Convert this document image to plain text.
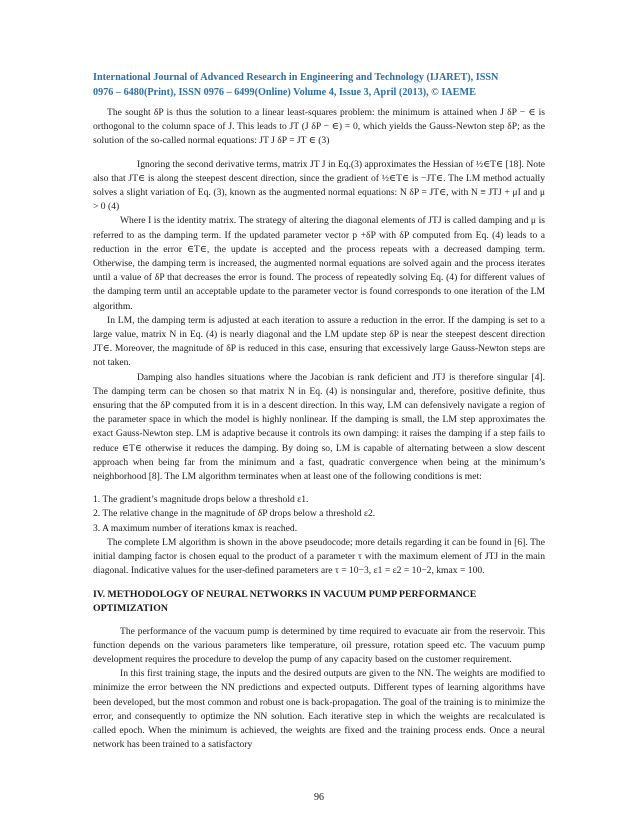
International Journal of Advanced Research in Engineering and Technology (IJARET), ISSN
0976 – 6480(Print), ISSN 0976 – 6499(Online) Volume 4, Issue 3, April (2013), © IAEME

The sought δP is thus the solution to a linear least-squares problem: the minimum is attained when J δP − ∈ is orthogonal to the column space of J. This leads to JT (J δP − ∈) = 0, which yields the Gauss-Newton step δP; as the solution of the so-called normal equations: JT J δP = JT ∈ (3)

Ignoring the second derivative terms, matrix JT J in Eq.(3) approximates the Hessian of ½∈T∈ [18]. Note also that JT∈ is along the steepest descent direction, since the gradient of ½∈T∈ is −JT∈. The LM method actually solves a slight variation of Eq. (3), known as the augmented normal equations: N δP = JT∈, with N ≡ JTJ + μI and μ > 0 (4)

Where I is the identity matrix. The strategy of altering the diagonal elements of JTJ is called damping and μ is referred to as the damping term. If the updated parameter vector p +δP with δP computed from Eq. (4) leads to a reduction in the error ∈T∈, the update is accepted and the process repeats with a decreased damping term. Otherwise, the damping term is increased, the augmented normal equations are solved again and the process iterates until a value of δP that decreases the error is found. The process of repeatedly solving Eq. (4) for different values of the damping term until an acceptable update to the parameter vector is found corresponds to one iteration of the LM algorithm.

In LM, the damping term is adjusted at each iteration to assure a reduction in the error. If the damping is set to a large value, matrix N in Eq. (4) is nearly diagonal and the LM update step δP is near the steepest descent direction JT∈. Moreover, the magnitude of δP is reduced in this case, ensuring that excessively large Gauss-Newton steps are not taken.

Damping also handles situations where the Jacobian is rank deficient and JTJ is therefore singular [4]. The damping term can be chosen so that matrix N in Eq. (4) is nonsingular and, therefore, positive definite, thus ensuring that the δP computed from it is in a descent direction. In this way, LM can defensively navigate a region of the parameter space in which the model is highly nonlinear. If the damping is small, the LM step approximates the exact Gauss-Newton step. LM is adaptive because it controls its own damping: it raises the damping if a step fails to reduce ∈T∈ otherwise it reduces the damping. By doing so, LM is capable of alternating between a slow descent approach when being far from the minimum and a fast, quadratic convergence when being at the minimum’s neighborhood [8]. The LM algorithm terminates when at least one of the following conditions is met:

1. The gradient’s magnitude drops below a threshold ε1.

2. The relative change in the magnitude of δP drops below a threshold ε2.

3. A maximum number of iterations kmax is reached.

The complete LM algorithm is shown in the above pseudocode; more details regarding it can be found in [6]. The initial damping factor is chosen equal to the product of a parameter τ with the maximum element of JTJ in the main diagonal. Indicative values for the user-defined parameters are τ = 10−3, ε1 = ε2 = 10−2, kmax = 100.

IV. METHODOLOGY OF NEURAL NETWORKS IN VACUUM PUMP PERFORMANCE
OPTIMIZATION

The performance of the vacuum pump is determined by time required to evacuate air from the reservoir. This function depends on the various parameters like temperature, oil pressure, rotation speed etc. The vacuum pump development requires the procedure to develop the pump of any capacity based on the customer requirement.

In this first training stage, the inputs and the desired outputs are given to the NN. The weights are modified to minimize the error between the NN predictions and expected outputs. Different types of learning algorithms have been developed, but the most common and robust one is back-propagation. The goal of the training is to minimize the error, and consequently to optimize the NN solution. Each iterative step in which the weights are recalculated is called epoch. When the minimum is achieved, the weights are fixed and the training process ends. Once a neural network has been trained to a satisfactory

96
